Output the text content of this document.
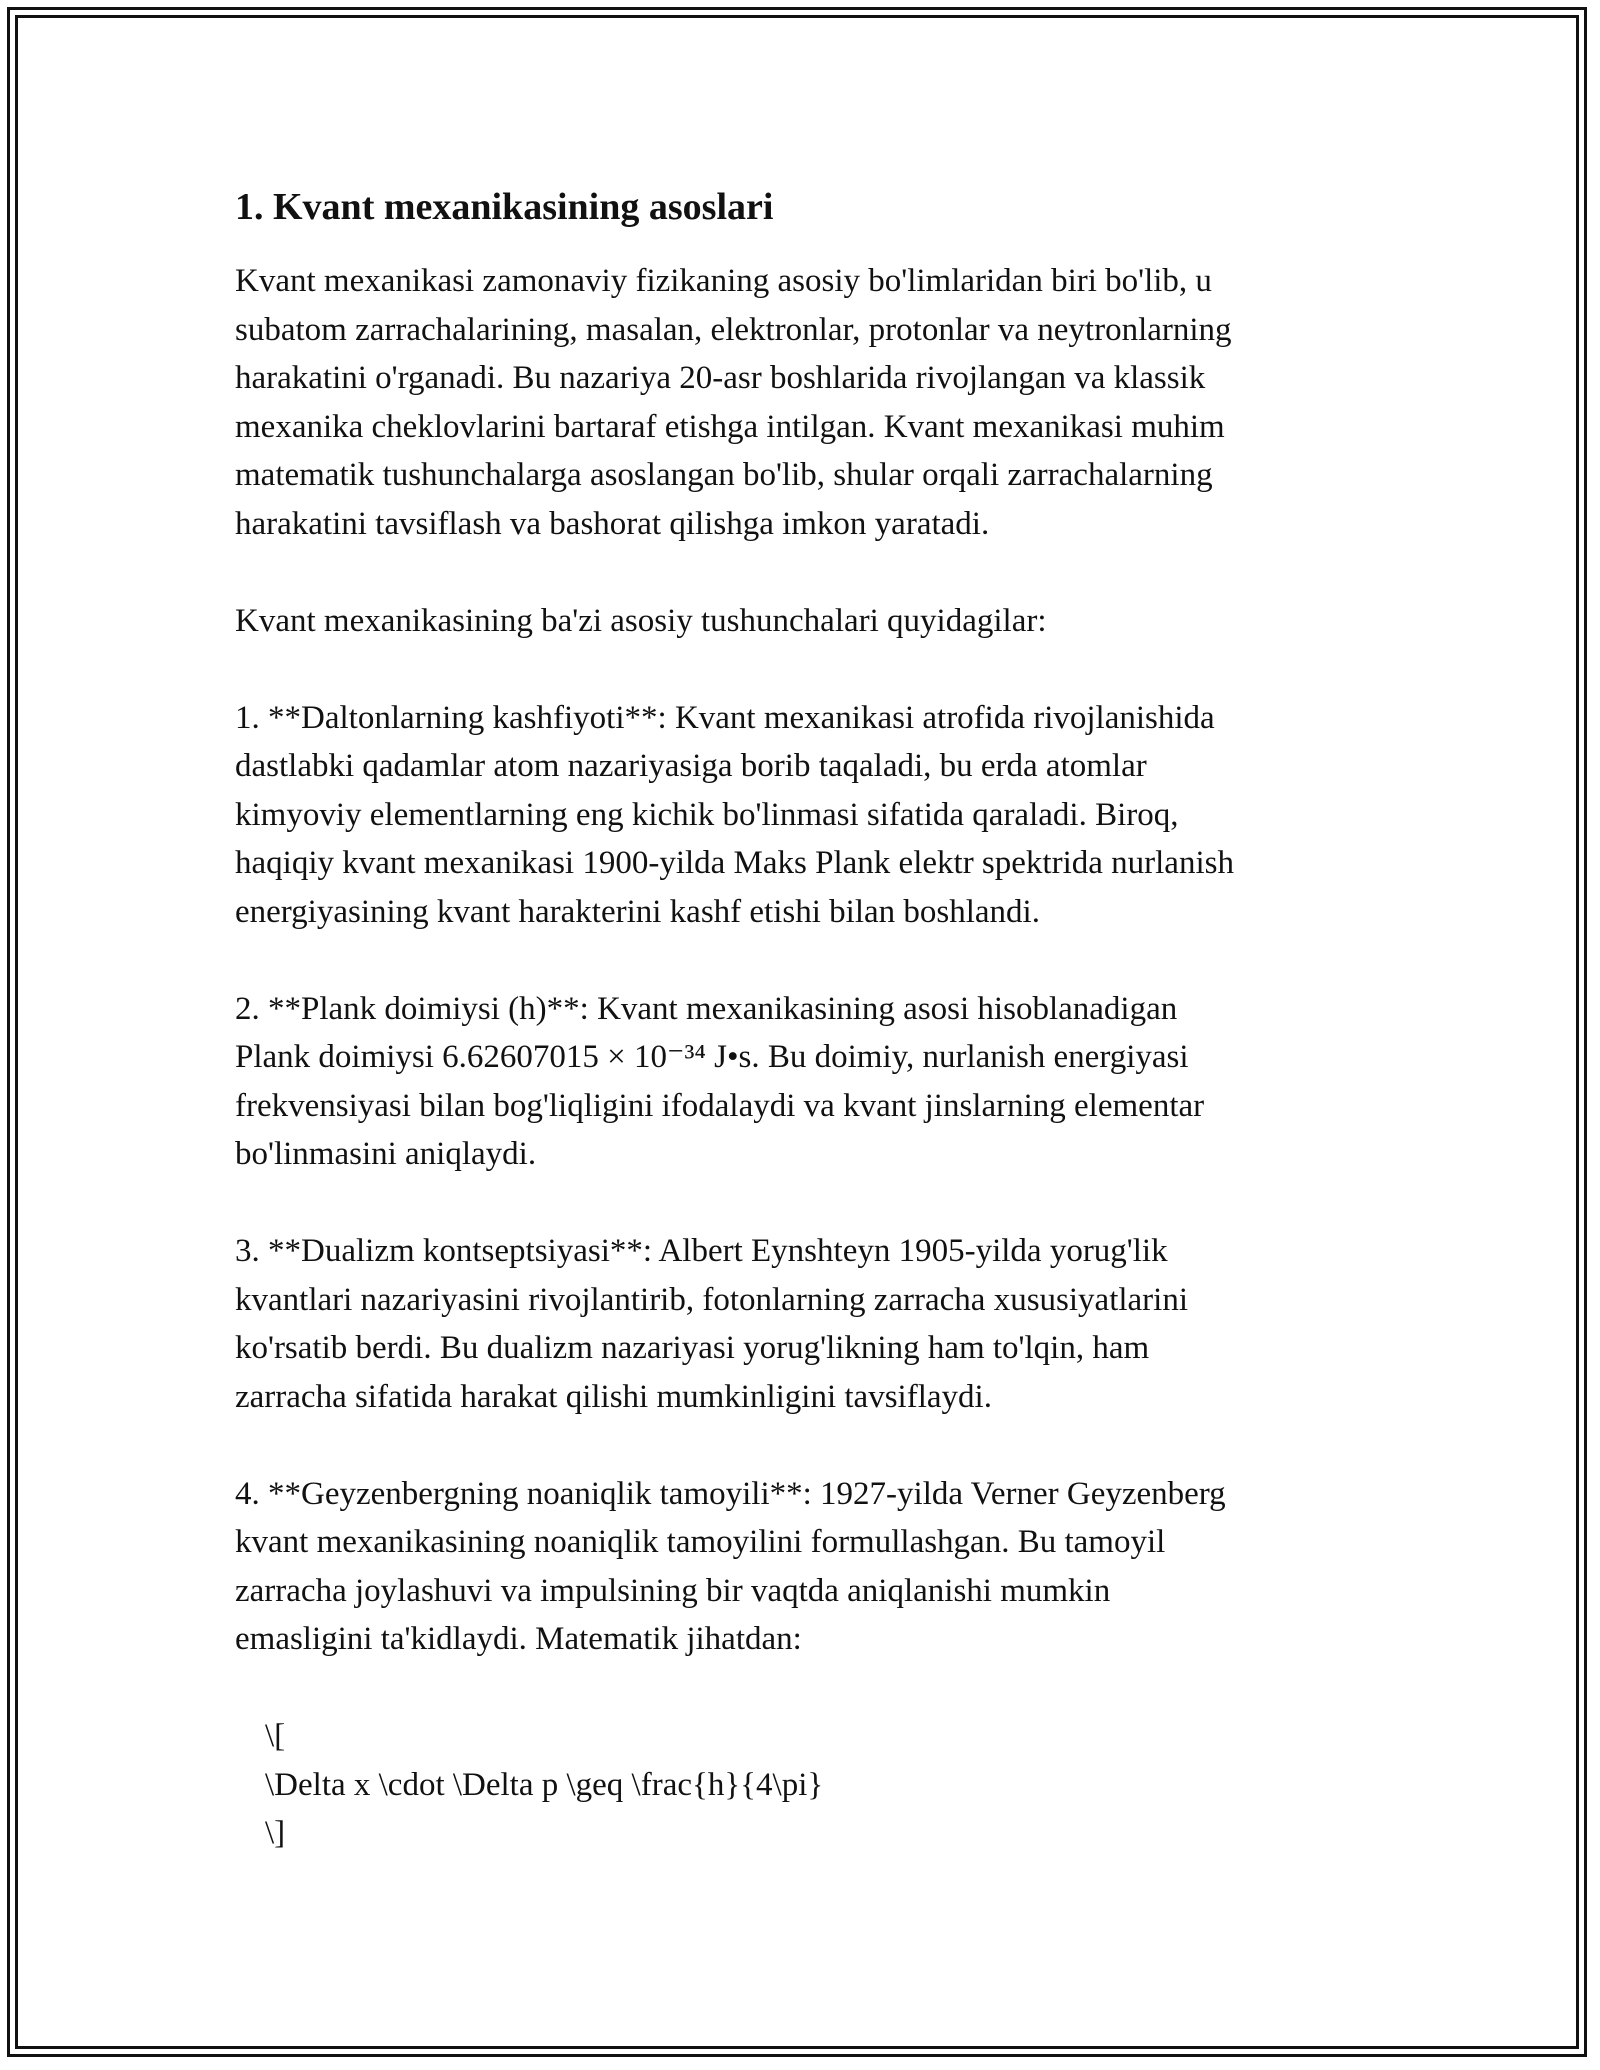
1. Kvant mexanikasining asoslari
Kvant mexanikasi zamonaviy fizikaning asosiy bo'limlaridan biri bo'lib, u
subatom zarrachalarining, masalan, elektronlar, protonlar va neytronlarning
harakatini o'rganadi. Bu nazariya 20-asr boshlarida rivojlangan va klassik
mexanika cheklovlarini bartaraf etishga intilgan. Kvant mexanikasi muhim
matematik tushunchalarga asoslangan bo'lib, shular orqali zarrachalarning
harakatini tavsiflash va bashorat qilishga imkon yaratadi.
Kvant mexanikasining ba'zi asosiy tushunchalari quyidagilar:
1. **Daltonlarning kashfiyoti**: Kvant mexanikasi atrofida rivojlanishida
dastlabki qadamlar atom nazariyasiga borib taqaladi, bu erda atomlar
kimyoviy elementlarning eng kichik bo'linmasi sifatida qaraladi. Biroq,
haqiqiy kvant mexanikasi 1900-yilda Maks Plank elektr spektrida nurlanish
energiyasining kvant harakterini kashf etishi bilan boshlandi.
2. **Plank doimiysi (h)**: Kvant mexanikasining asosi hisoblanadigan
Plank doimiysi 6.62607015 × 10⁻³⁴ J•s. Bu doimiy, nurlanish energiyasi
frekvensiyasi bilan bog'liqligini ifodalaydi va kvant jinslarning elementar
bo'linmasini aniqlaydi.
3. **Dualizm kontseptsiyasi**: Albert Eynshteyn 1905-yilda yorug'lik
kvantlari nazariyasini rivojlantirib, fotonlarning zarracha xususiyatlarini
ko'rsatib berdi. Bu dualizm nazariyasi yorug'likning ham to'lqin, ham
zarracha sifatida harakat qilishi mumkinligini tavsiflaydi.
4. **Geyzenbergning noaniqlik tamoyili**: 1927-yilda Verner Geyzenberg
kvant mexanikasining noaniqlik tamoyilini formullashgan. Bu tamoyil
zarracha joylashuvi va impulsining bir vaqtda aniqlanishi mumkin
emasligini ta'kidlaydi. Matematik jihatdan:
\[
\Delta x \cdot \Delta p \geq \frac{h}{4\pi}
\]
